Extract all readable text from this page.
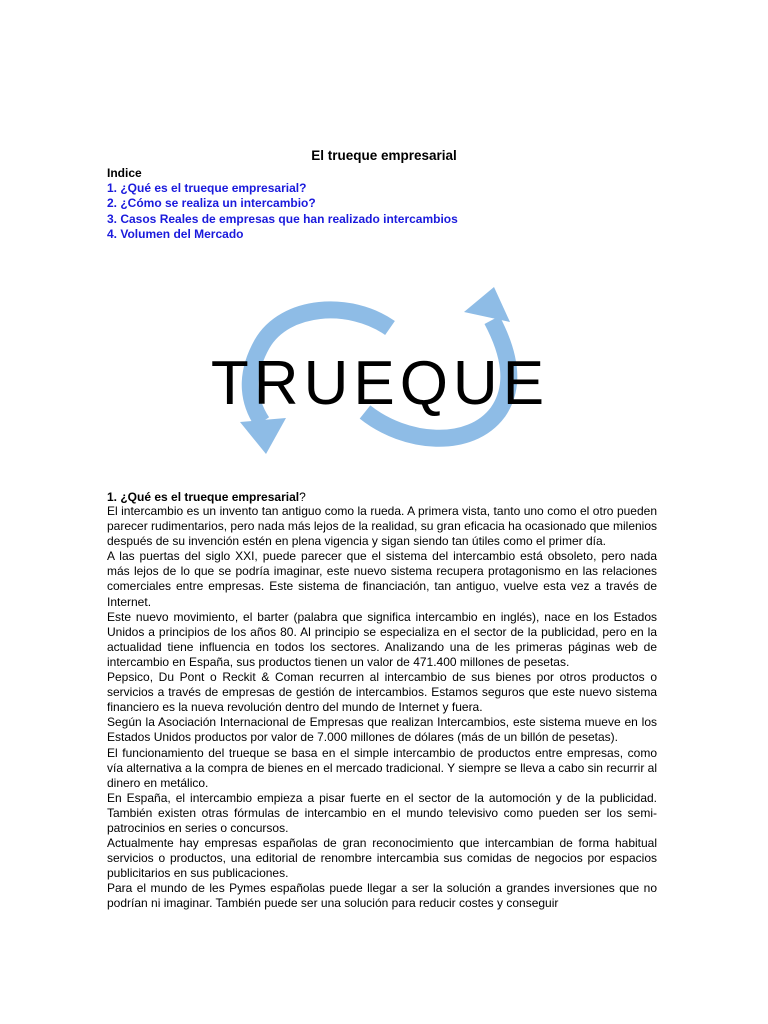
El trueque empresarial
Indice
1. ¿Qué es el trueque empresarial?
2. ¿Cómo se realiza un intercambio?
3. Casos Reales de empresas que han realizado intercambios
4. Volumen del Mercado
TRUEQUE
1. ¿Qué es el trueque empresarial?

El intercambio es un invento tan antiguo como la rueda. A primera vista, tanto uno como el otro pueden parecer rudimentarios, pero nada más lejos de la realidad, su gran eficacia ha ocasionado que milenios después de su invención estén en plena vigencia y sigan siendo tan útiles como el primer día.

A las puertas del siglo XXI, puede parecer que el sistema del intercambio está obsoleto, pero nada más lejos de lo que se podría imaginar, este nuevo sistema recupera protagonismo en las relaciones comerciales entre empresas. Este sistema de financiación, tan antiguo, vuelve esta vez a través de Internet.

Este nuevo movimiento, el barter (palabra que significa intercambio en inglés), nace en los Estados Unidos a principios de los años 80. Al principio se especializa en el sector de la publicidad, pero en la actualidad tiene influencia en todos los sectores. Analizando una de les primeras páginas web de intercambio en España, sus productos tienen un valor de 471.400 millones de pesetas.

Pepsico, Du Pont o Reckit & Coman recurren al intercambio de sus bienes por otros productos o servicios a través de empresas de gestión de intercambios. Estamos seguros que este nuevo sistema financiero es la nueva revolución dentro del mundo de Internet y fuera.

Según la Asociación Internacional de Empresas que realizan Intercambios, este sistema mueve en los Estados Unidos productos por valor de 7.000 millones de dólares (más de un billón de pesetas).

El funcionamiento del trueque se basa en el simple intercambio de productos entre empresas, como vía alternativa a la compra de bienes en el mercado tradicional. Y siempre se lleva a cabo sin recurrir al dinero en metálico.

En España, el intercambio empieza a pisar fuerte en el sector de la automoción y de la publicidad. También existen otras fórmulas de intercambio en el mundo televisivo como pueden ser los semi-patrocinios en series o concursos.

Actualmente hay empresas españolas de gran reconocimiento que intercambian de forma habitual servicios o productos, una editorial de renombre intercambia sus comidas de negocios por espacios publicitarios en sus publicaciones.

Para el mundo de les Pymes españolas puede llegar a ser la solución a grandes inversiones que no podrían ni imaginar. También puede ser una solución para reducir costes y conseguir
